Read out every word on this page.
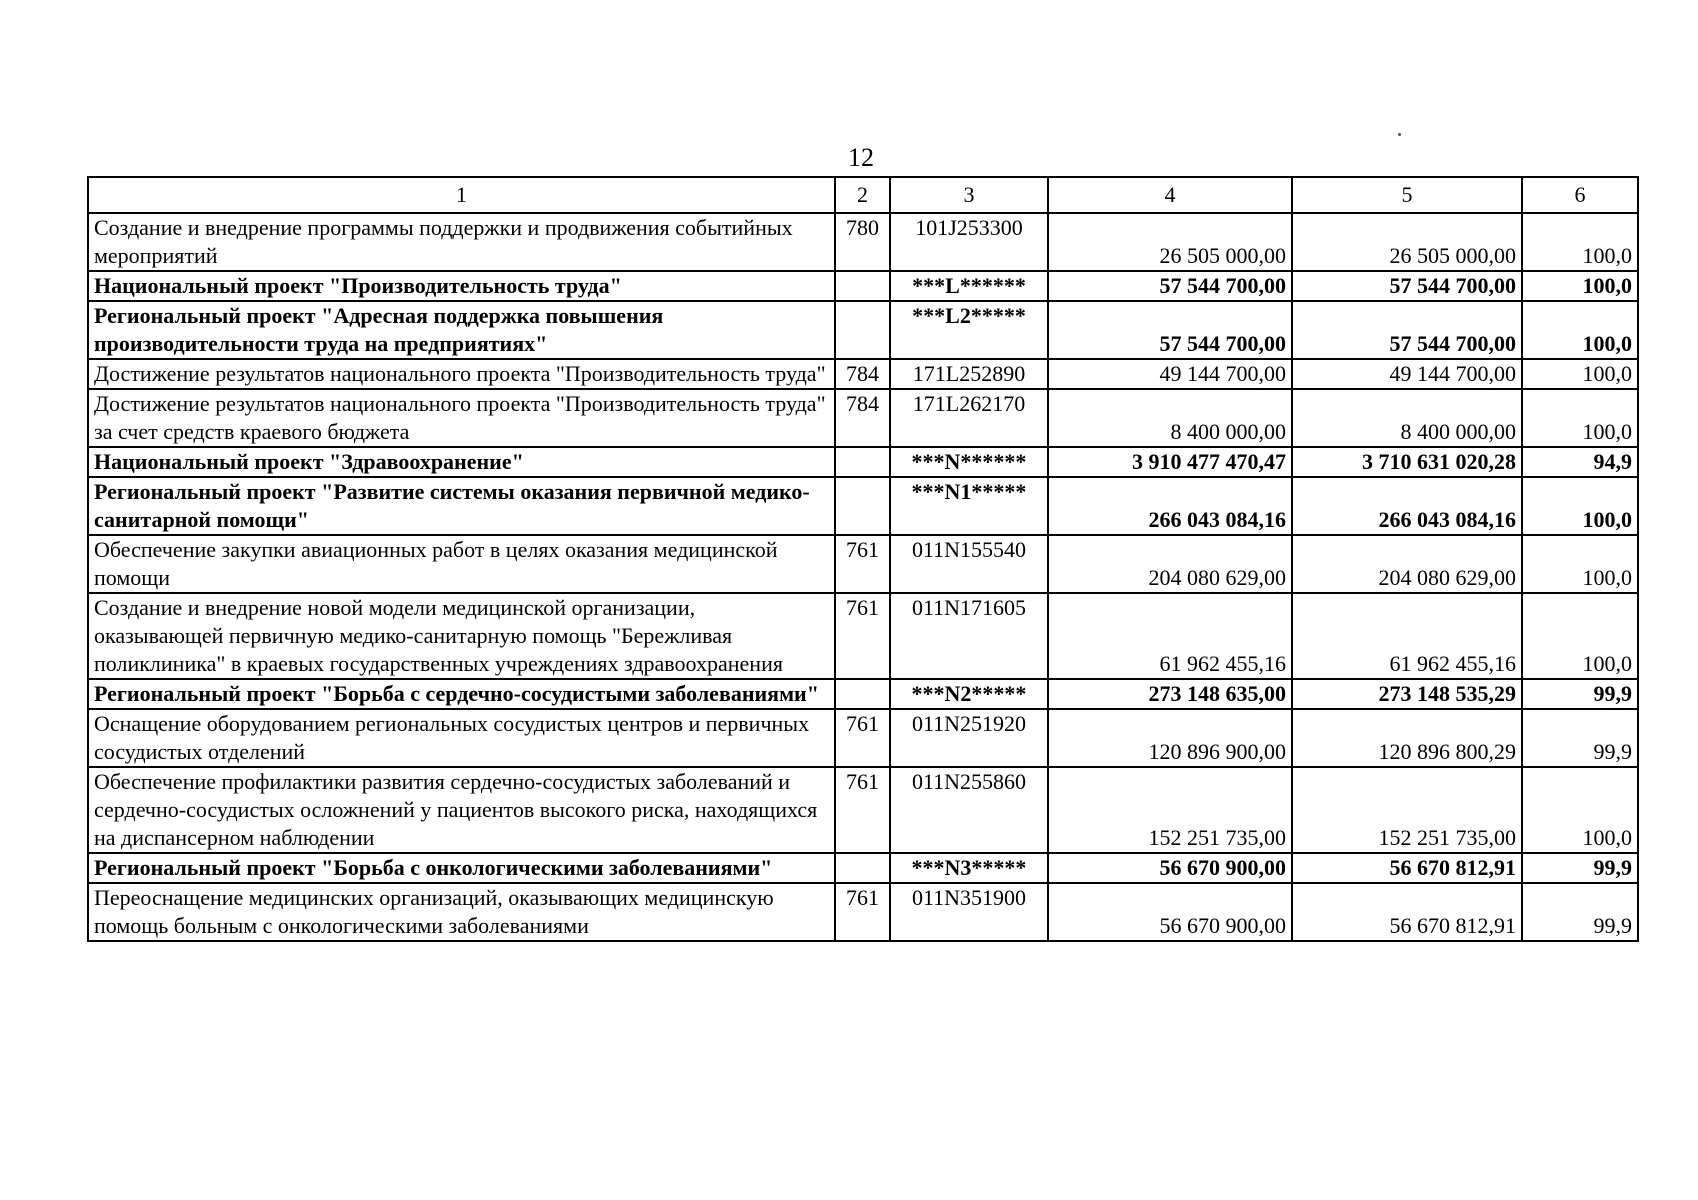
12
1	2	3	4	5	6
Создание и внедрение программы поддержки и продвижения событийных мероприятий	780	101J253300	26 505 000,00	26 505 000,00	100,0
Национальный проект "Производительность труда"		***L******	57 544 700,00	57 544 700,00	100,0
Региональный проект "Адресная поддержка повышения производительности труда на предприятиях"		***L2*****	57 544 700,00	57 544 700,00	100,0
Достижение результатов национального проекта "Производительность труда"	784	171L252890	49 144 700,00	49 144 700,00	100,0
Достижение результатов национального проекта "Производительность труда" за счет средств краевого бюджета	784	171L262170	8 400 000,00	8 400 000,00	100,0
Национальный проект "Здравоохранение"		***N******	3 910 477 470,47	3 710 631 020,28	94,9
Региональный проект "Развитие системы оказания первичной медико-санитарной помощи"		***N1*****	266 043 084,16	266 043 084,16	100,0
Обеспечение закупки авиационных работ в целях оказания медицинской помощи	761	011N155540	204 080 629,00	204 080 629,00	100,0
Создание и внедрение новой модели медицинской организации, оказывающей первичную медико-санитарную помощь "Бережливая поликлиника" в краевых государственных учреждениях здравоохранения	761	011N171605	61 962 455,16	61 962 455,16	100,0
Региональный проект "Борьба с сердечно-сосудистыми заболеваниями"		***N2*****	273 148 635,00	273 148 535,29	99,9
Оснащение оборудованием региональных сосудистых центров и первичных сосудистых отделений	761	011N251920	120 896 900,00	120 896 800,29	99,9
Обеспечение профилактики развития сердечно-сосудистых заболеваний и сердечно-сосудистых осложнений у пациентов высокого риска, находящихся на диспансерном наблюдении	761	011N255860	152 251 735,00	152 251 735,00	100,0
Региональный проект "Борьба с онкологическими заболеваниями"		***N3*****	56 670 900,00	56 670 812,91	99,9
Переоснащение медицинских организаций, оказывающих медицинскую помощь больным с онкологическими заболеваниями	761	011N351900	56 670 900,00	56 670 812,91	99,9
